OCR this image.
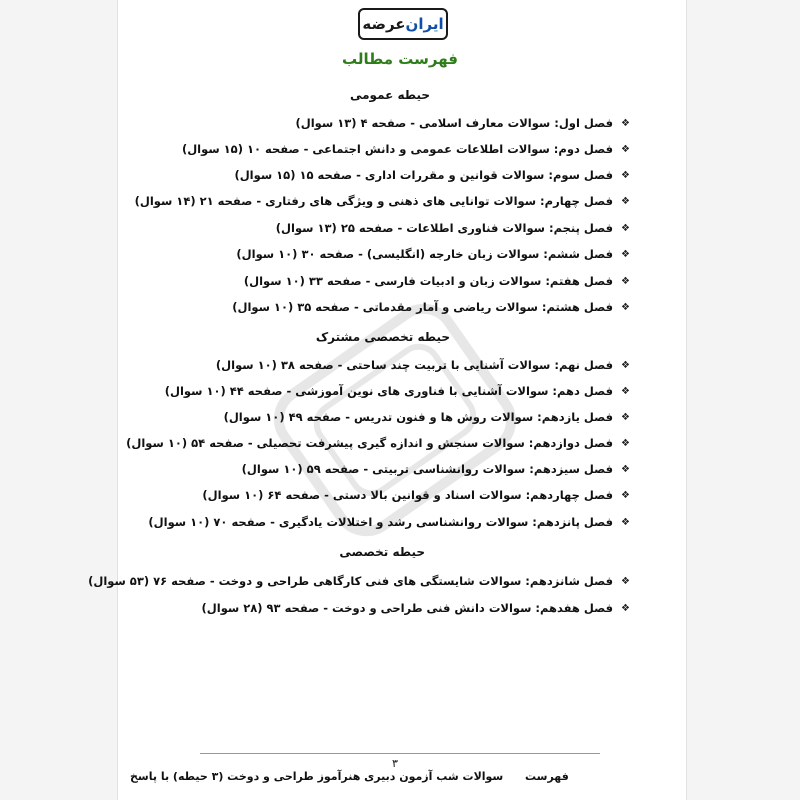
عرضه ایران
فهرست مطالب
حیطه عمومی
❖
فصل اول: سوالات معارف اسلامی - صفحه ۴ (۱۳ سوال)
❖
فصل دوم: سوالات اطلاعات عمومی و دانش اجتماعی - صفحه ۱۰ (۱۵ سوال)
❖
فصل سوم: سوالات قوانین و مقررات اداری - صفحه ۱۵ (۱۵ سوال)
❖
فصل چهارم: سوالات توانایی های ذهنی و ویژگی های رفتاری - صفحه ۲۱ (۱۴ سوال)
❖
فصل پنجم: سوالات فناوری اطلاعات - صفحه ۲۵ (۱۳ سوال)
❖
فصل ششم: سوالات زبان خارجه (انگلیسی) - صفحه ۳۰ (۱۰ سوال)
❖
فصل هفتم: سوالات زبان و ادبیات فارسی - صفحه ۳۳ (۱۰ سوال)
❖
فصل هشتم: سوالات ریاضی و آمار مقدماتی - صفحه ۳۵ (۱۰ سوال)
حیطه تخصصی مشترک
❖
فصل نهم: سوالات آشنایی با تربیت چند ساحتی - صفحه ۳۸ (۱۰ سوال)
❖
فصل دهم: سوالات آشنایی با فناوری های نوین آموزشی - صفحه ۴۴ (۱۰ سوال)
❖
فصل یازدهم: سوالات روش ها و فنون تدریس - صفحه ۴۹ (۱۰ سوال)
❖
فصل دوازدهم: سوالات سنجش و اندازه گیری پیشرفت تحصیلی - صفحه ۵۴ (۱۰ سوال)
❖
فصل سیزدهم: سوالات روانشناسی تربیتی - صفحه ۵۹ (۱۰ سوال)
❖
فصل چهاردهم: سوالات اسناد و قوانین بالا دستی - صفحه ۶۴ (۱۰ سوال)
❖
فصل پانزدهم: سوالات روانشناسی رشد و اختلالات یادگیری - صفحه ۷۰ (۱۰ سوال)
حیطه تخصصی
❖
فصل شانزدهم: سوالات شایستگی های فنی کارگاهی طراحی و دوخت - صفحه ۷۶ (۵۳ سوال)
❖
فصل هفدهم: سوالات دانش فنی طراحی و دوخت - صفحه ۹۳ (۲۸ سوال)
۳
سوالات شب آزمون دبیری هنرآموز طراحی و دوخت (۳ حیطه) با پاسخ فهرست
